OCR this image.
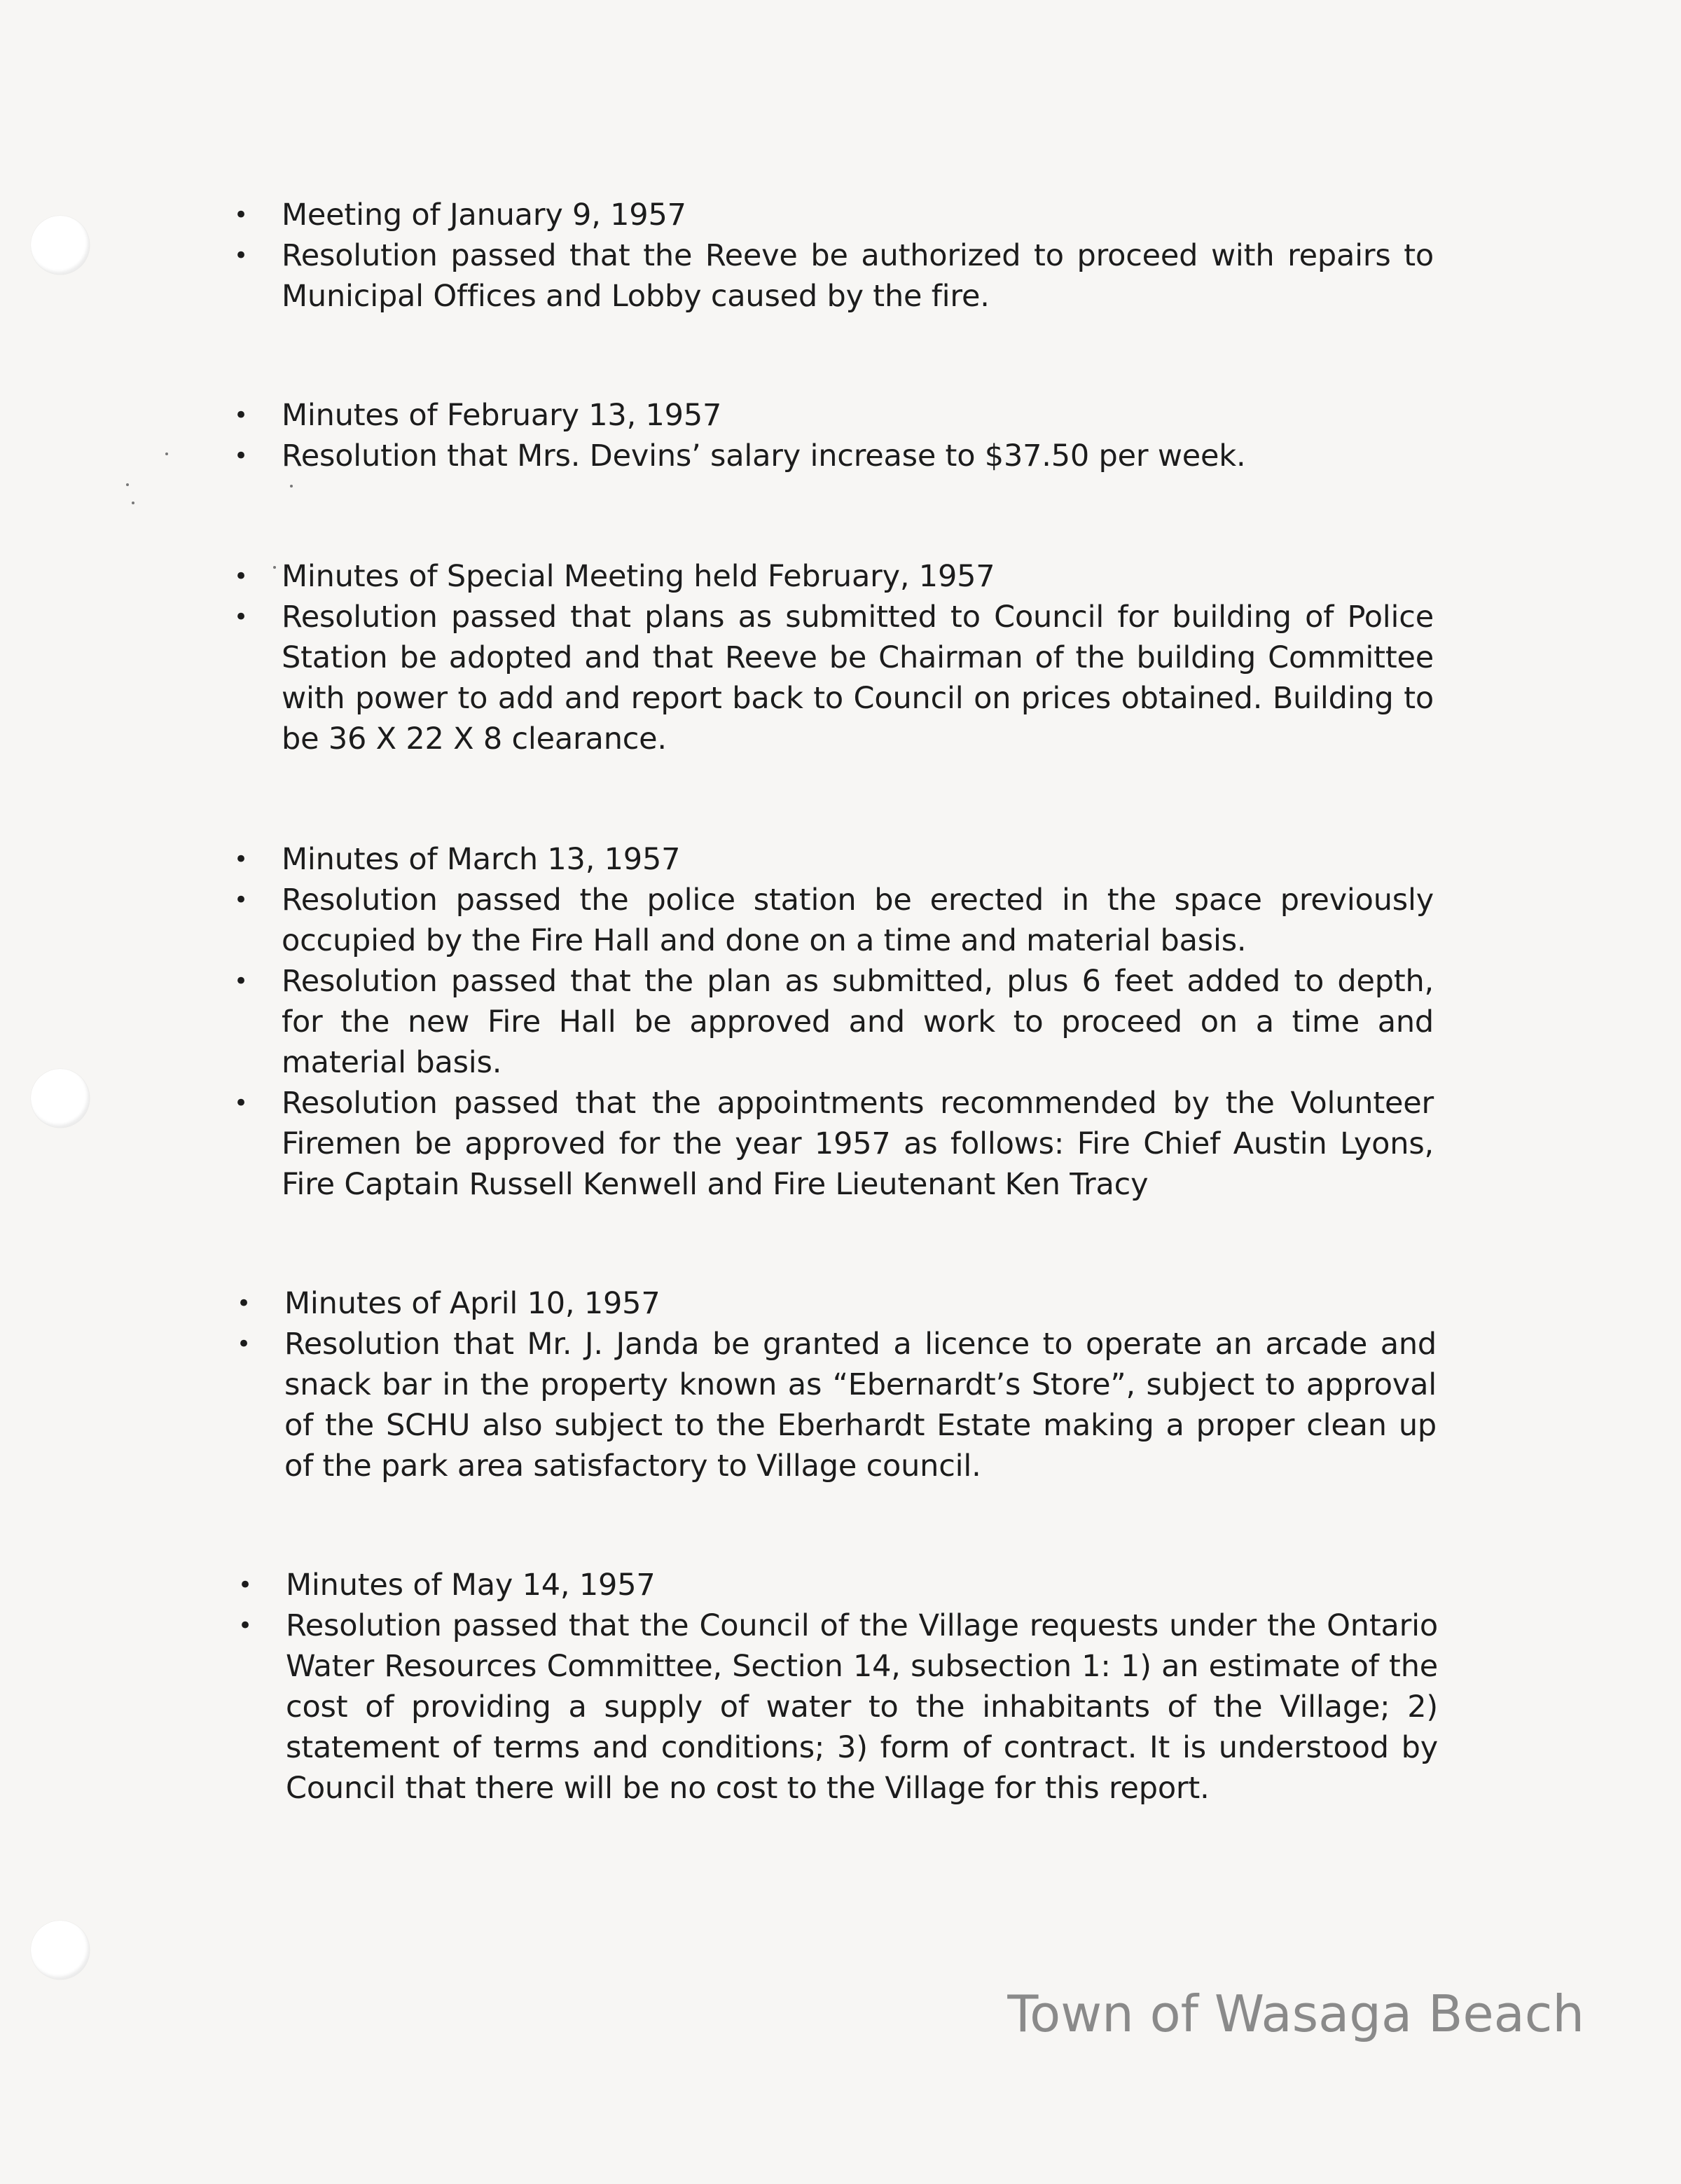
• Meeting of January 9, 1957
• Resolution passed that the Reeve be authorized to proceed with repairs to Municipal Offices and Lobby caused by the fire.
• Minutes of February 13, 1957
• Resolution that Mrs. Devins’ salary increase to $37.50 per week.
• Minutes of Special Meeting held February, 1957
• Resolution passed that plans as submitted to Council for building of Police Station be adopted and that Reeve be Chairman of the building Committee with power to add and report back to Council on prices obtained. Building to be 36 X 22 X 8 clearance.
• Minutes of March 13, 1957
• Resolution passed the police station be erected in the space previously occupied by the Fire Hall and done on a time and material basis.
• Resolution passed that the plan as submitted, plus 6 feet added to depth, for the new Fire Hall be approved and work to proceed on a time and material basis.
• Resolution passed that the appointments recommended by the Volunteer Firemen be approved for the year 1957 as follows: Fire Chief Austin Lyons, Fire Captain Russell Kenwell and Fire Lieutenant Ken Tracy
• Minutes of April 10, 1957
• Resolution that Mr. J. Janda be granted a licence to operate an arcade and snack bar in the property known as “Ebernardt’s Store”, subject to approval of the SCHU also subject to the Eberhardt Estate making a proper clean up of the park area satisfactory to Village council.
• Minutes of May 14, 1957
• Resolution passed that the Council of the Village requests under the Ontario Water Resources Committee, Section 14, subsection 1: 1) an estimate of the cost of providing a supply of water to the inhabitants of the Village; 2) statement of terms and conditions; 3) form of contract. It is understood by Council that there will be no cost to the Village for this report.
Town of Wasaga Beach
